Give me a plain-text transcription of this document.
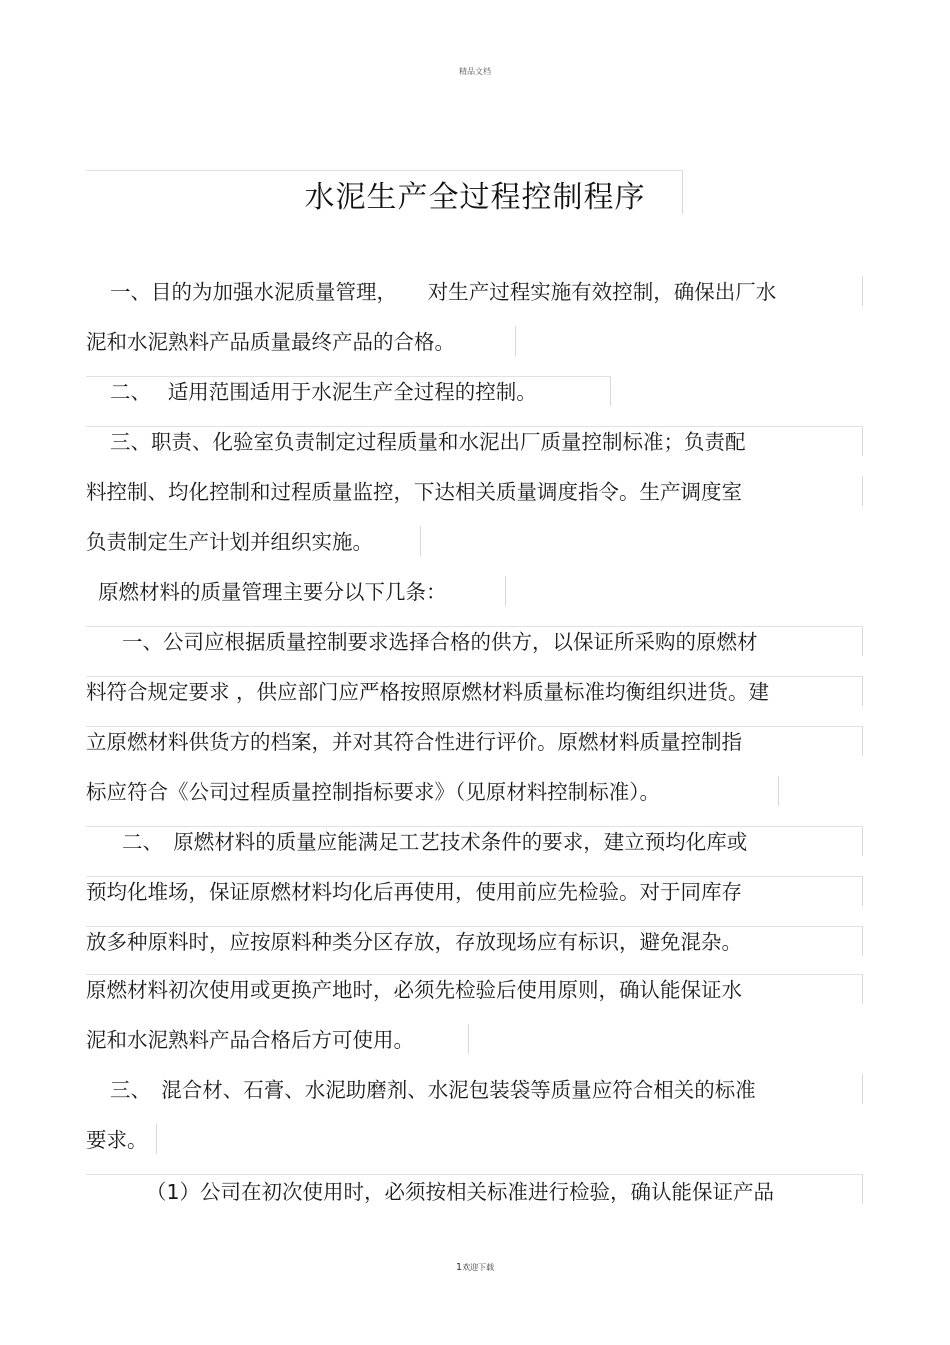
精品文档
水泥生产全过程控制程序
一、目的为加强水泥质量管理，　　对生产过程实施有效控制，确保出厂水
泥和水泥熟料产品质量最终产品的合格。
二、　 适用范围适用于水泥生产全过程的控制。
三、职责、化验室负责制定过程质量和水泥出厂质量控制标准；负责配
料控制、均化控制和过程质量监控，下达相关质量调度指令。生产调度室
负责制定生产计划并组织实施。
原燃材料的质量管理主要分以下几条：
一、公司应根据质量控制要求选择合格的供方，以保证所采购的原燃材
料符合规定要求 ，供应部门应严格按照原燃材料质量标准均衡组织进货。建
立原燃材料供货方的档案，并对其符合性进行评价。原燃材料质量控制指
标应符合《公司过程质量控制指标要求》（见原材料控制标准）。
二、　原燃材料的质量应能满足工艺技术条件的要求，建立预均化库或
预均化堆场，保证原燃材料均化后再使用，使用前应先检验。对于同库存
放多种原料时，应按原料种类分区存放，存放现场应有标识，避免混杂。
原燃材料初次使用或更换产地时，必须先检验后使用原则，确认能保证水
泥和水泥熟料产品合格后方可使用。
三、　混合材、石膏、水泥助磨剂、水泥包装袋等质量应符合相关的标准
要求。
（1）公司在初次使用时，必须按相关标准进行检验，确认能保证产品
1欢迎下载
